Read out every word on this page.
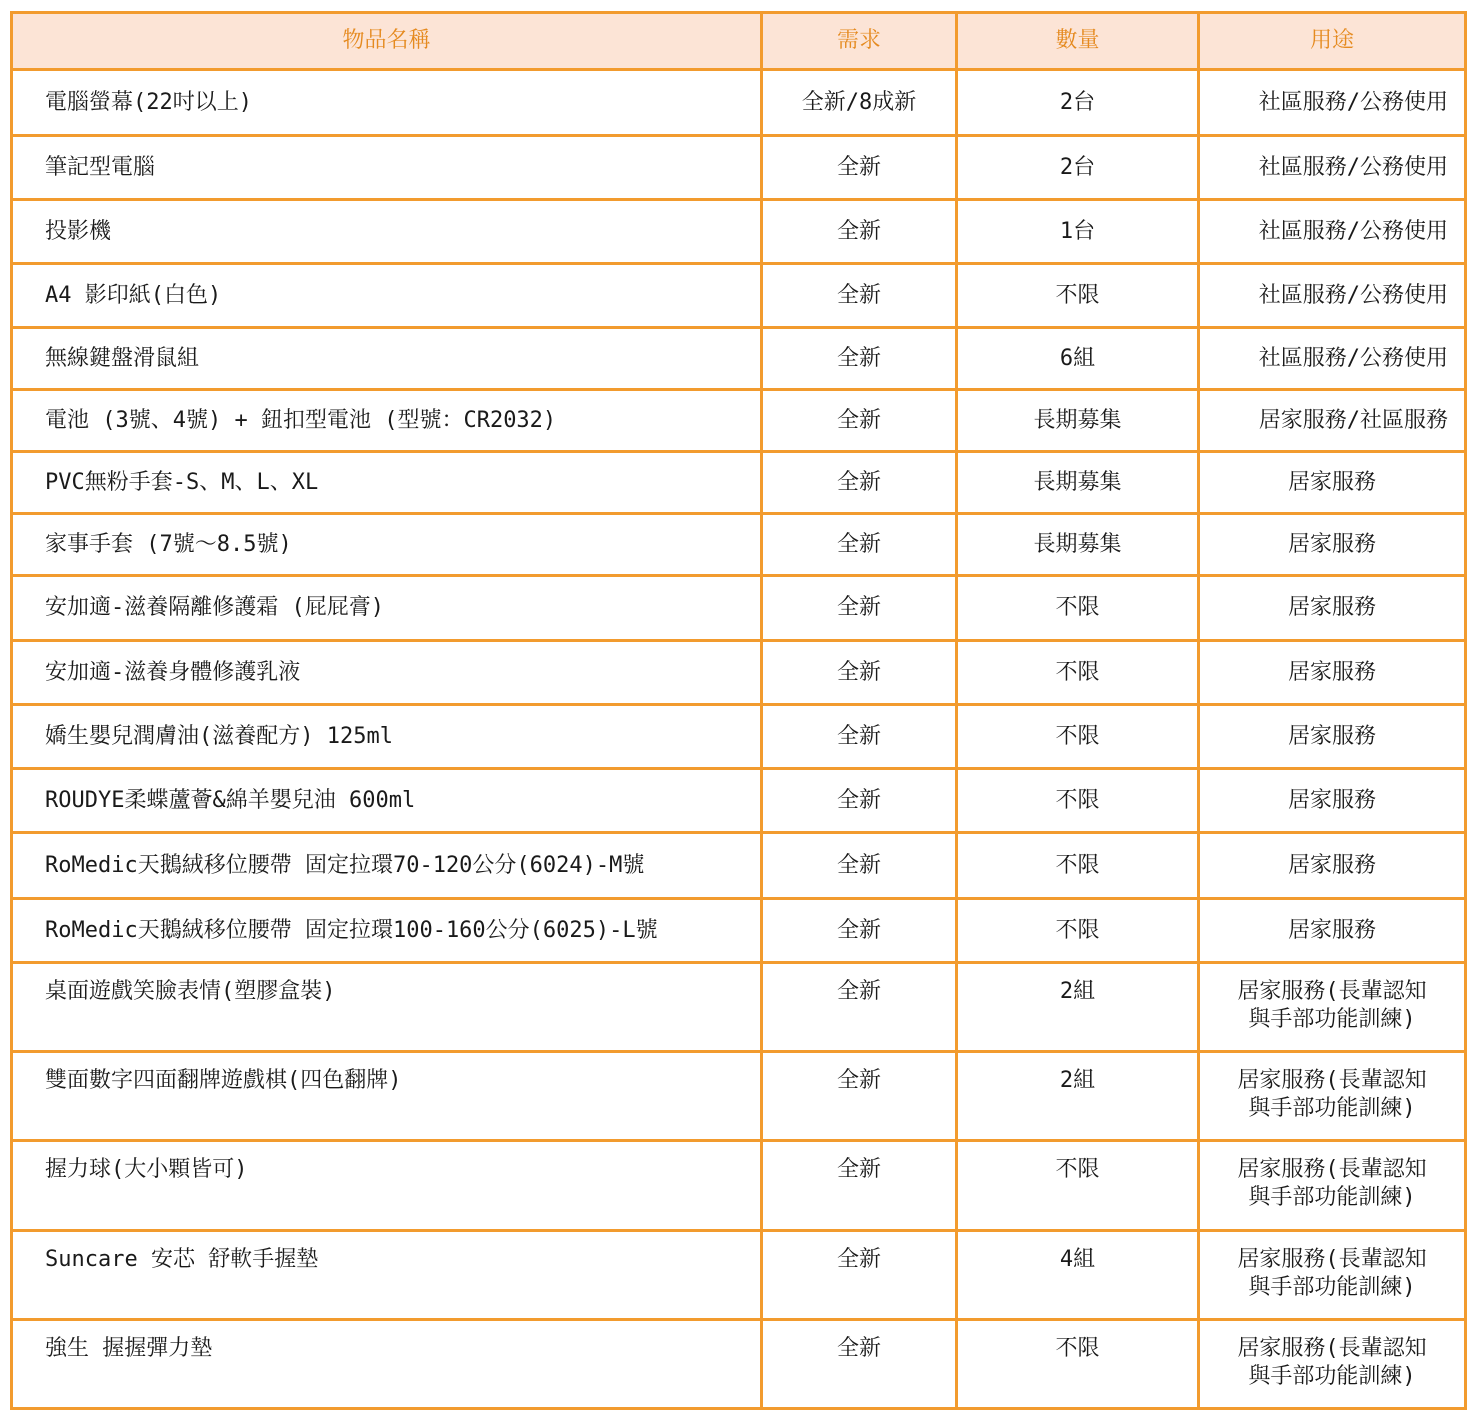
物品名稱	需求	數量	用途
電腦螢幕(22吋以上)	全新/8成新	2台	社區服務/公務使用
筆記型電腦	全新	2台	社區服務/公務使用
投影機	全新	1台	社區服務/公務使用
A4 影印紙(白色)	全新	不限	社區服務/公務使用
無線鍵盤滑鼠組	全新	6組	社區服務/公務使用
電池 (3號、4號) + 鈕扣型電池 (型號：CR2032)	全新	長期募集	居家服務/社區服務
PVC無粉手套-S、M、L、XL	全新	長期募集	居家服務
家事手套 (7號～8.5號)	全新	長期募集	居家服務
安加適-滋養隔離修護霜 (屁屁膏)	全新	不限	居家服務
安加適-滋養身體修護乳液	全新	不限	居家服務
嬌生嬰兒潤膚油(滋養配方) 125ml	全新	不限	居家服務
ROUDYE柔蝶蘆薈&綿羊嬰兒油 600ml	全新	不限	居家服務
RoMedic天鵝絨移位腰帶 固定拉環70-120公分(6024)-M號	全新	不限	居家服務
RoMedic天鵝絨移位腰帶 固定拉環100-160公分(6025)-L號	全新	不限	居家服務
桌面遊戲笑臉表情(塑膠盒裝)	全新	2組	居家服務(長輩認知
與手部功能訓練)
雙面數字四面翻牌遊戲棋(四色翻牌)	全新	2組	居家服務(長輩認知
與手部功能訓練)
握力球(大小顆皆可)	全新	不限	居家服務(長輩認知
與手部功能訓練)
Suncare 安芯 舒軟手握墊	全新	4組	居家服務(長輩認知
與手部功能訓練)
強生 握握彈力墊	全新	不限	居家服務(長輩認知
與手部功能訓練)
